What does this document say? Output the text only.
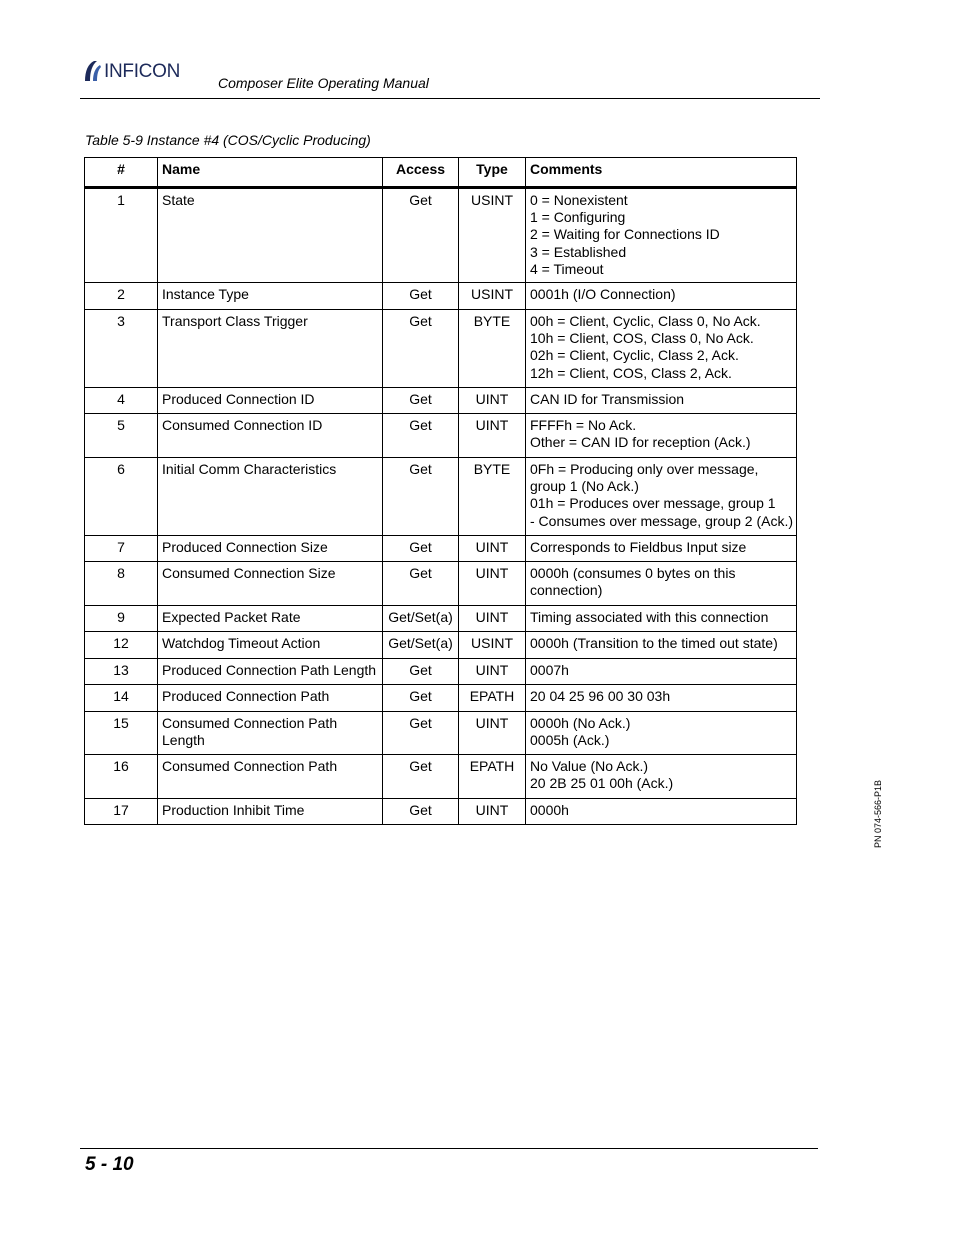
INFICON
Composer Elite Operating Manual
Table 5-9 Instance #4 (COS/Cyclic Producing)
#	Name	Access	Type	Comments
1	State	Get	USINT	0 = Nonexistent
1 = Configuring
2 = Waiting for Connections ID
3 = Established
4 = Timeout

2	Instance Type	Get	USINT	0001h (I/O Connection)

3	Transport Class Trigger	Get	BYTE	00h = Client, Cyclic, Class 0, No Ack.
10h = Client, COS, Class 0, No Ack.
02h = Client, Cyclic, Class 2, Ack.
12h = Client, COS, Class 2, Ack.

4	Produced Connection ID	Get	UINT	CAN ID for Transmission

5	Consumed Connection ID	Get	UINT	FFFFh = No Ack.
Other = CAN ID for reception (Ack.)

6	Initial Comm Characteristics	Get	BYTE	0Fh = Producing only over message,
group 1 (No Ack.)
01h = Produces over message, group 1
- Consumes over message, group 2 (Ack.)

7	Produced Connection Size	Get	UINT	Corresponds to Fieldbus Input size

8	Consumed Connection Size	Get	UINT	0000h (consumes 0 bytes on this
connection)

9	Expected Packet Rate	Get/Set(a)	UINT	Timing associated with this connection

12	Watchdog Timeout Action	Get/Set(a)	USINT	0000h (Transition to the timed out state)

13	Produced Connection Path Length	Get	UINT	0007h

14	Produced Connection Path	Get	EPATH	20 04 25 96 00 30 03h

15	Consumed Connection Path Length	Get	UINT	0000h (No Ack.)
0005h (Ack.)

16	Consumed Connection Path	Get	EPATH	No Value (No Ack.)
20 2B 25 01 00h (Ack.)

17	Production Inhibit Time	Get	UINT	0000h	PN 074-566-P1B
5 - 10
